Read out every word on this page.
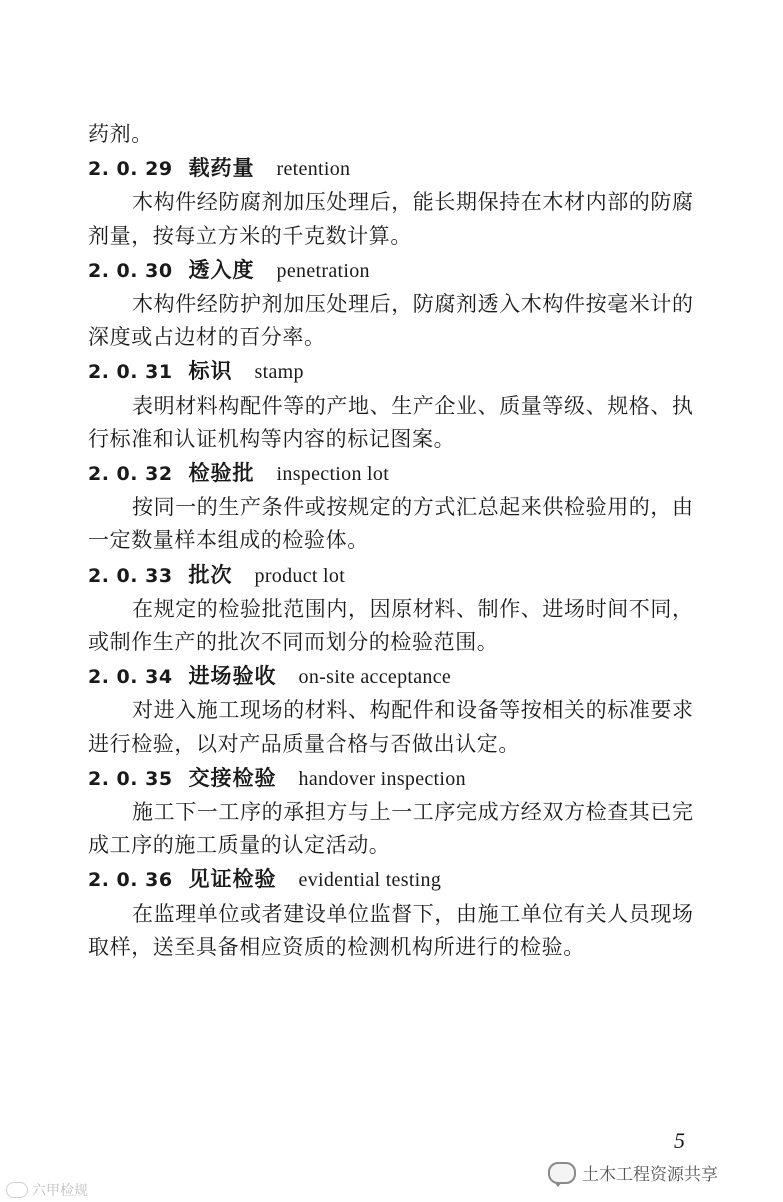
药剂。
2. 0. 29 载药量 retention
木构件经防腐剂加压处理后，能长期保持在木材内部的防腐
剂量，按每立方米的千克数计算。
2. 0. 30 透入度 penetration
木构件经防护剂加压处理后，防腐剂透入木构件按毫米计的
深度或占边材的百分率。
2. 0. 31 标识 stamp
表明材料构配件等的产地、生产企业、质量等级、规格、执
行标准和认证机构等内容的标记图案。
2. 0. 32 检验批 inspection lot
按同一的生产条件或按规定的方式汇总起来供检验用的，由
一定数量样本组成的检验体。
2. 0. 33 批次 product lot
在规定的检验批范围内，因原材料、制作、进场时间不同，
或制作生产的批次不同而划分的检验范围。
2. 0. 34 进场验收 on-site acceptance
对进入施工现场的材料、构配件和设备等按相关的标准要求
进行检验，以对产品质量合格与否做出认定。
2. 0. 35 交接检验 handover inspection
施工下一工序的承担方与上一工序完成方经双方检查其已完
成工序的施工质量的认定活动。
2. 0. 36 见证检验 evidential testing
在监理单位或者建设单位监督下，由施工单位有关人员现场
取样，送至具备相应资质的检测机构所进行的检验。
5
六甲检规
土木工程资源共享
